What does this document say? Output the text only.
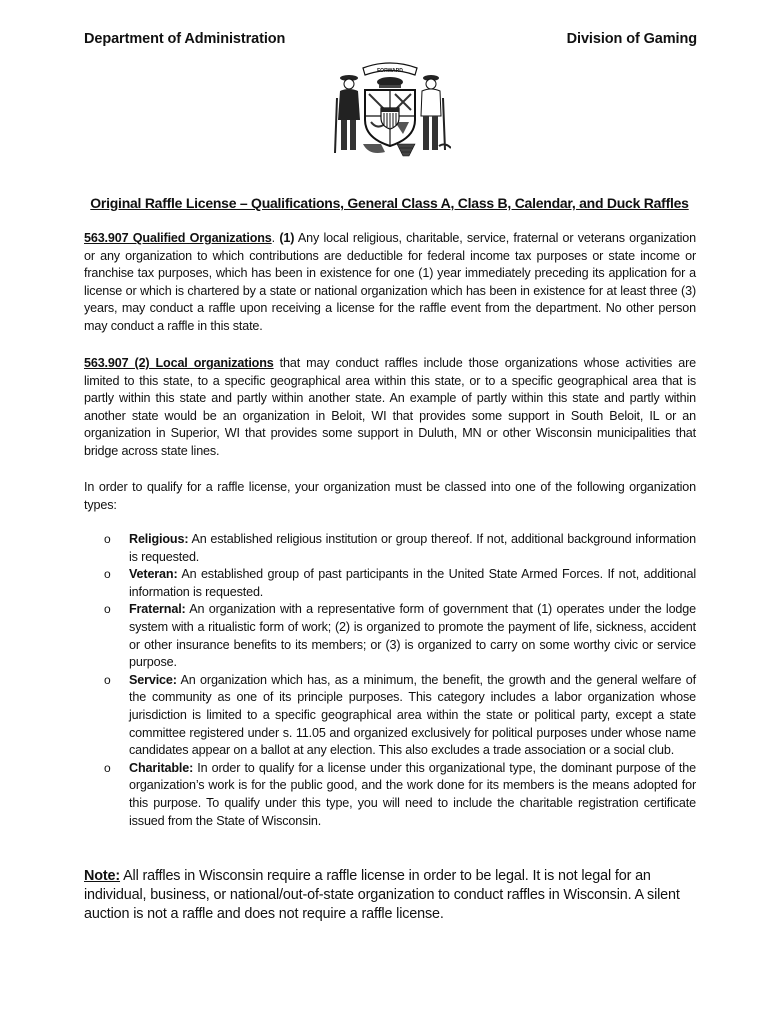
Department of Administration	Division of Gaming
FORWARD
Original Raffle License – Qualifications, General Class A, Class B, Calendar, and Duck Raffles
563.907 Qualified Organizations. (1) Any local religious, charitable, service, fraternal or veterans organization or any organization to which contributions are deductible for federal income tax purposes or state income or franchise tax purposes, which has been in existence for one (1) year immediately preceding its application for a license or which is chartered by a state or national organization which has been in existence for at least three (3) years, may conduct a raffle upon receiving a license for the raffle event from the department. No other person may conduct a raffle in this state.
563.907 (2) Local organizations that may conduct raffles include those organizations whose activities are limited to this state, to a specific geographical area within this state, or to a specific geographical area that is partly within this state and partly within another state. An example of partly within this state and partly within another state would be an organization in Beloit, WI that provides some support in South Beloit, IL or an organization in Superior, WI that provides some support in Duluth, MN or other Wisconsin municipalities that bridge across state lines.
In order to qualify for a raffle license, your organization must be classed into one of the following organization types:
o	Religious: An established religious institution or group thereof. If not, additional background information is requested.
o	Veteran: An established group of past participants in the United State Armed Forces. If not, additional information is requested.
o	Fraternal: An organization with a representative form of government that (1) operates under the lodge system with a ritualistic form of work; (2) is organized to promote the payment of life, sickness, accident or other insurance benefits to its members; or (3) is organized to carry on some worthy civic or service purpose.
o	Service: An organization which has, as a minimum, the benefit, the growth and the general welfare of the community as one of its principle purposes. This category includes a labor organization whose jurisdiction is limited to a specific geographical area within the state or political party, except a state committee registered under s. 11.05 and organized exclusively for political purposes under whose name candidates appear on a ballot at any election. This also excludes a trade association or a social club.
o	Charitable: In order to qualify for a license under this organizational type, the dominant purpose of the organization’s work is for the public good, and the work done for its members is the means adopted for this purpose. To qualify under this type, you will need to include the charitable registration certificate issued from the State of Wisconsin.
Note: All raffles in Wisconsin require a raffle license in order to be legal. It is not legal for an individual, business, or national/out-of-state organization to conduct raffles in Wisconsin. A silent auction is not a raffle and does not require a raffle license.
